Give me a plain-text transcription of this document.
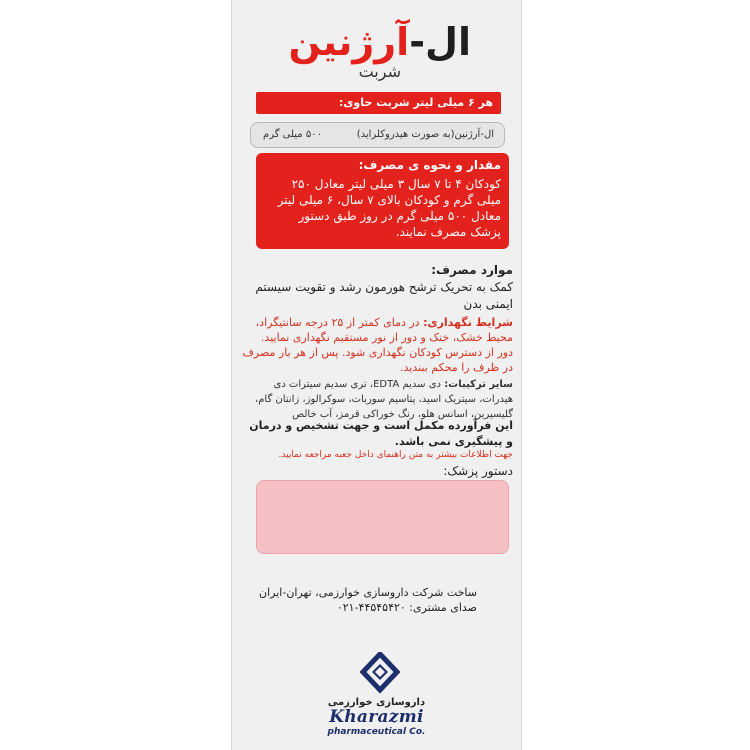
ال-آرژنین
شربت
هر ۶ میلی لیتر شربت حاوی:
ال-آرژنین(به صورت هیدروکلراید)
۵۰۰ میلی گرم
مقدار و نحوه ی مصرف:
کودکان ۴ تا ۷ سال ۳ میلی لیتر معادل ۲۵۰ میلی گرم و کودکان بالای ۷ سال، ۶ میلی لیتر معادل ۵۰۰ میلی گرم در روز طبق دستور پزشک مصرف نمایند.
موارد مصرف:
کمک به تحریک ترشح هورمون رشد و تقویت سیستم ایمنی بدن
شرایط نگهداری: در دمای کمتر از ۲۵ درجه سانتیگراد، محیط خشک، خنک و دور از نور مستقیم نگهداری نمایید. دور از دسترس کودکان نگهداری شود. پس از هر بار مصرف در ظرف را محکم ببندید.
سایر ترکیبات: دی سدیم EDTA، تری سدیم سیترات دی هیدرات، سیتریک اسید، پتاسیم سوربات، سوکرالوز، زانتان گام، گلیسیرین، اسانس هلو، رنگ خوراکی قرمز، آب خالص
این فرآورده مکمل است و جهت تشخیص و درمان و پیشگیری نمی باشد.
جهت اطلاعات بیشتر به متن راهنمای داخل جعبه مراجعه نمایید.
دستور پزشک:
ساخت شرکت داروسازی خوارزمی، تهران-ایران
صدای مشتری: ۴۴۵۴۵۴۲۰-۰۲۱
داروسازی خوارزمی
Kharazmi
pharmaceutical Co.
